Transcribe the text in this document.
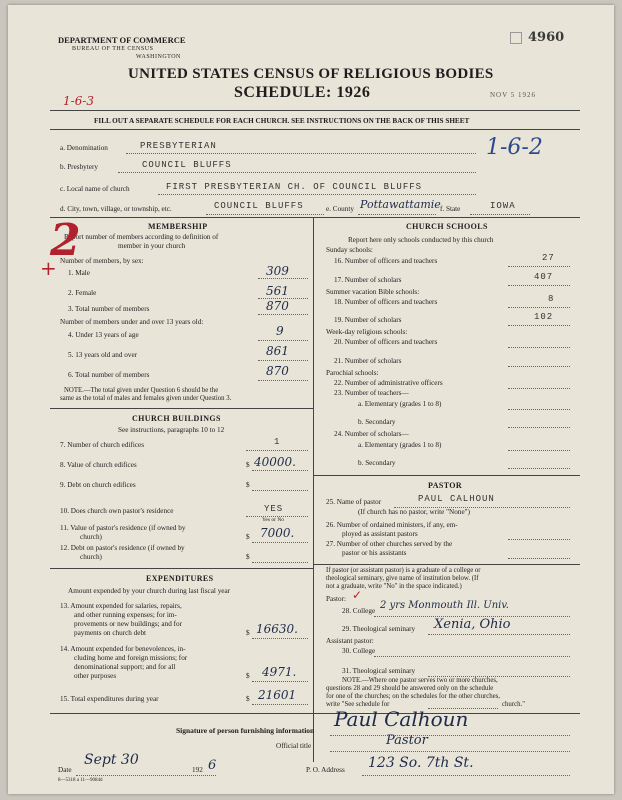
DEPARTMENT OF COMMERCE
BUREAU OF THE CENSUS
WASHINGTON
4960
UNITED STATES CENSUS OF RELIGIOUS BODIES
SCHEDULE: 1926
1-6-3	NOV 5 1926
FILL OUT A SEPARATE SCHEDULE FOR EACH CHURCH. SEE INSTRUCTIONS ON THE BACK OF THIS SHEET
a. Denomination	PRESBYTERIAN	1-6-2
b. Presbytery	COUNCIL BLUFFS
c. Local name of church	FIRST PRESBYTERIAN CH. OF COUNCIL BLUFFS
d. City, town, village, or township, etc.	COUNCIL BLUFFS	e. County Pottawattamie f. State	IOWA
MEMBERSHIP
Report number of members according to definition of
member in your church
Number of members, by sex:
1. Male	309
2. Female	561
3. Total number of members	870
Number of members under and over 13 years old:
4. Under 13 years of age	9
5. 13 years old and over	861
6. Total number of members	870
NOTE.—The total given under Question 6 should be the
same as the total of males and females given under Question 3.
2
+
CHURCH BUILDINGS
See instructions, paragraphs 10 to 12
7. Number of church edifices	1
8. Value of church edifices	$ 40000.
9. Debt on church edifices	$
10. Does church own pastor's residence	YES
Yes or No
11. Value of pastor's residence (if owned by
church)	$ 7000.
12. Debt on pastor's residence (if owned by
church)	$
EXPENDITURES
Amount expended by your church during last fiscal year
13. Amount expended for salaries, repairs,
and other running expenses; for im-
provements or new buildings; and for
payments on church debt	$ 16630.
14. Amount expended for benevolences, in-
cluding home and foreign missions; for
denominational support; and for all
other purposes	$ 4971.
15. Total expenditures during year	$ 21601
CHURCH SCHOOLS
Report here only schools conducted by this church
Sunday schools:
16. Number of officers and teachers	27
17. Number of scholars	407
Summer vacation Bible schools:
18. Number of officers and teachers	8
19. Number of scholars	102
Week-day religious schools:
20. Number of officers and teachers
21. Number of scholars
Parochial schools:
22. Number of administrative officers
23. Number of teachers—
a. Elementary (grades 1 to 8)
b. Secondary
24. Number of scholars—
a. Elementary (grades 1 to 8)
b. Secondary
PASTOR
25. Name of pastor	PAUL CALHOUN
(If church has no pastor, write "None")
26. Number of ordained ministers, if any, em-
ployed as assistant pastors
27. Number of other churches served by the
pastor or his assistants
If pastor (or assistant pastor) is a graduate of a college or
theological seminary, give name of institution below. (If
not a graduate, write "No" in the space indicated.)
Pastor: ✓
28. College 2 yrs Monmouth Ill. Univ.
29. Theological seminary Xenia, Ohio
Assistant pastor:
30. College
31. Theological seminary
NOTE.—Where one pastor serves two or more churches,
questions 28 and 29 should be answered only on the schedule
for one of the churches; on the schedules for the other churches,
write "See schedule for	church."
Signature of person furnishing information Paul Calhoun
Official title	Pastor
Date
Sept 30
192 6	P. O. Address 123 So. 7th St.
8—5318 a 11—9084d
